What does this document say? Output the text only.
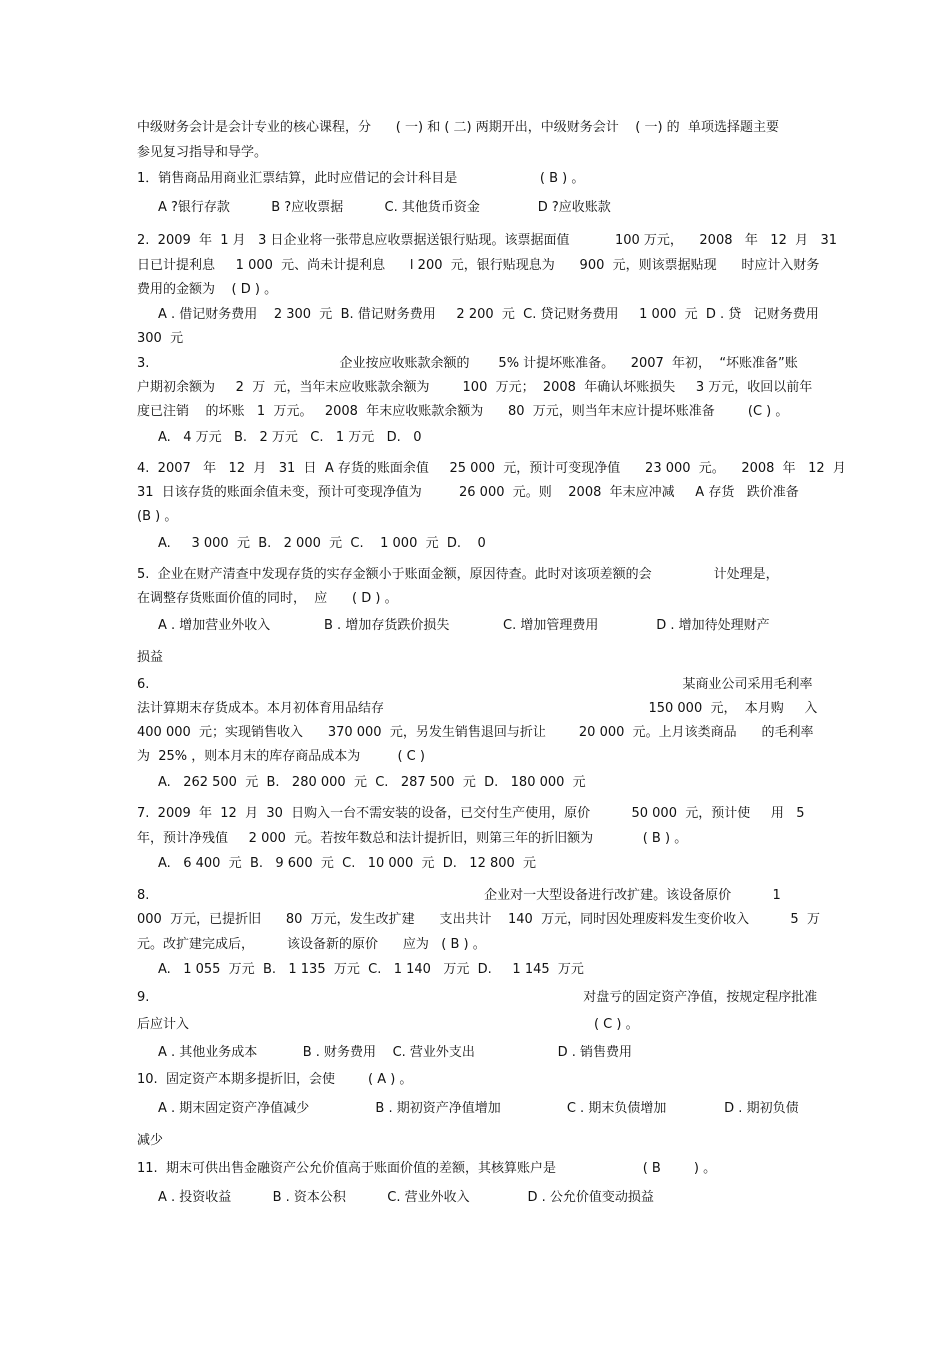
中级财务会计是会计专业的核心课程，分      ( 一) 和 ( 二) 两期开出，中级财务会计    ( 一) 的  单项选择题主要
参见复习指导和导学。
1．销售商品用商业汇票结算，此时应借记的会计科目是                    ( B ) 。
A ?银行存款          B ?应收票据          C. 其他货币资金              D ?应收账款
2.  2009  年  1 月   3 日企业将一张带息应收票据送银行贴现。该票据面值           100 万元，    2008   年   12  月   31
日已计提利息     1 000  元、尚未计提利息      l 200  元，银行贴现息为      900  元，则该票据贴现      时应计入财务
费用的金额为    ( D ) 。
A . 借记财务费用    2 300  元  B. 借记财务费用     2 200  元  C. 贷记财务费用     1 000  元  D . 贷   记财务费用
300  元
3.                                              企业按应收账款余额的       5% 计提坏账准备。    2007  年初，  “坏账准备”账
户期初余额为     2  万  元，当年末应收账款余额为        100  万元；  2008  年确认坏账损失     3 万元，收回以前年
度已注销    的坏账   1  万元。   2008  年末应收账款余额为      80  万元，则当年末应计提坏账准备        (C ) 。
A.   4 万元   B.   2 万元   C.   1 万元   D.   0
4.  2007   年   12  月   31  日  A 存货的账面余值     25 000  元，预计可变现净值      23 000  元。    2008  年   12  月
31  日该存货的账面余值未变，预计可变现净值为         26 000  元。则    2008  年末应冲减     A 存货   跌价准备
(B ) 。
A.     3 000  元  B.   2 000  元  C.    1 000  元  D.    0
5.  企业在财产清查中发现存货的实存金额小于账面金额，原因待查。此时对该项差额的会               计处理是，
在调整存货账面价值的同时，  应      ( D ) 。
A . 增加营业外收入             B . 增加存货跌价损失             C. 增加管理费用              D . 增加待处理财产
损益
6.                                                                                                                                 某商业公司采用毛利率
法计算期末存货成本。本月初体育用品结存                                                                150 000  元，  本月购     入
400 000  元；实现销售收入      370 000  元，另发生销售退回与折让        20 000  元。上月该类商品      的毛利率
为  25% ，则本月末的库存商品成本为         ( C )
A.   262 500  元  B.   280 000  元  C.   287 500  元  D.   180 000  元
7.  2009  年  12  月  30  日购入一台不需安装的设备，已交付生产使用，原价          50 000  元，预计使     用   5
年，预计净残值     2 000  元。若按年数总和法计提折旧，则第三年的折旧额为            ( B ) 。
A.   6 400  元  B.   9 600  元  C.   10 000  元  D.   12 800  元
8.                                                                                 企业对一大型设备进行改扩建。该设备原价          1
000  万元，已提折旧      80  万元，发生改扩建      支出共计    140  万元，同时因处理废料发生变价收入          5  万
元。改扩建完成后，        该设备新的原价      应为   ( B ) 。
A.   1 055  万元  B.   1 135  万元  C.   1 140   万元  D.     1 145  万元
9.                                                                                                         对盘亏的固定资产净值，按规定程序批准
后应计入                                                                                                  ( C ) 。
A . 其他业务成本           B . 财务费用    C. 营业外支出                    D . 销售费用
10.  固定资产本期多提折旧，会使        ( A ) 。
A . 期末固定资产净值减少                B . 期初资产净值增加                C . 期末负债增加              D . 期初负债
减少
11.  期末可供出售金融资产公允价值高于账面价值的差额，其核算账户是                     ( B        ) 。
A . 投资收益          B . 资本公积          C. 营业外收入              D . 公允价值变动损益
